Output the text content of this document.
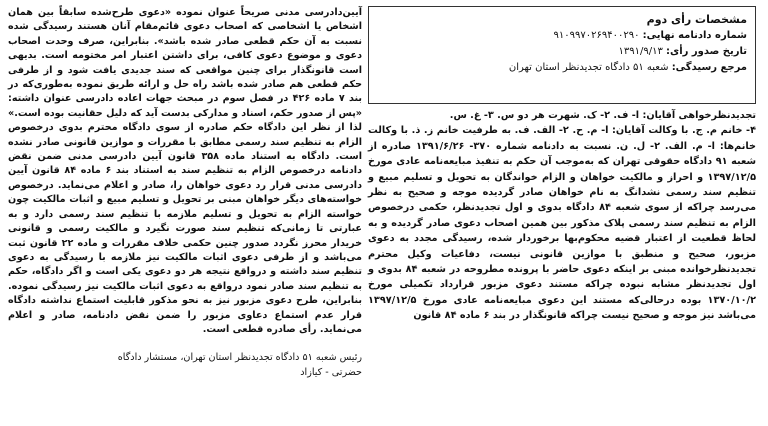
آیین‌دادرسی مدنی صریحاً عنوان نموده «دعوی طرح‌شده سابقاً بین همان اشخاص یا اشخاصی که اصحاب دعوی قائم‌مقام آنان هستند رسیدگی شده نسبت به آن حکم قطعی صادر شده باشد». بنابراین، صرف وحدت اصحاب دعوی و موضوع دعوی کافی، برای داشتن اعتبار امر مختومه است. بدیهی است قانونگذار برای چنین مواقعی که سند جدیدی یافت شود و از طرفی حکم قطعی هم صادر شده باشد راه حل و ارائه طریق نموده به‌طوری‌که در بند ۷ ماده ۴۲۶ در فصل سوم در مبحث جهات اعاده دادرسی عنوان داشته: «پس از صدور حکم، اسناد و مدارکی بدست آید که دلیل حقانیت بوده است.» لذا از نظر این دادگاه حکم صادره از سوی دادگاه محترم بدوی درخصوص الزام به تنظیم سند رسمی مطابق با مقررات و موازین قانونی صادر نشده است. دادگاه به استناد ماده ۳۵۸ قانون آیین دادرسی مدنی ضمن نقض دادنامه درخصوص الزام به تنظیم سند به استناد بند ۶ ماده ۸۴ قانون آیین دادرسی مدنی قرار رد دعوی خواهان را، صادر و اعلام می‌نماید. درخصوص خواسته‌های دیگر خواهان مبنی بر تحویل و تسلیم مبیع و اثبات مالکیت چون خواسته الزام به تحویل و تسلیم ملازمه با تنظیم سند رسمی دارد و به عبارتی تا زمانی‌که تنظیم سند صورت نگیرد و مالکیت رسمی و قانونی خریدار محرز نگردد صدور چنین حکمی خلاف مقررات و ماده ۲۲ قانون ثبت می‌باشد و از طرفی دعوی اثبات مالکیت نیز ملازمه با رسیدگی به دعوی تنظیم سند داشته و درواقع نتیجه هر دو دعوی یکی است و اگر دادگاه، حکم به تنظیم سند صادر نمود درواقع به دعوی اثبات مالکیت نیز رسیدگی نموده. بنابراین، طرح دعوی مزبور نیز به نحو مذکور قابلیت استماع نداشته دادگاه قرار عدم استماع دعاوی مزبور را ضمن نقض دادنامه، صادر و اعلام می‌نماید. رأی صادره قطعی است.

رئیس شعبه ۵۱ دادگاه تجدیدنظر استان تهران، مستشار دادگاه
حضرتی - کیازاد
مشخصات رأی دوم
شماره دادنامه نهایی: ۹۱۰۹۹۷۰۲۶۹۴۰۰۲۹۰
تاریخ صدور رأی: ۱۳۹۱/۹/۱۳
مرجع رسیدگی: شعبه ۵۱ دادگاه تجدیدنظر استان تهران

تجدیدنظرخواهی آقایان: ا- ف. ۲- ک. شهرت هر دو س. ۳- غ. س.

۴- خانم م. ج. با وکالت آقایان: ا- م. ح. ۲- الف. ف. به طرفیت خانم ز. ذ. با وکالت خانم‌ها: ا- م. الف. ۲- ل. ن. نسبت به دادنامه شماره ۳۷۰- ۱۳۹۱/۶/۲۶ صادره از شعبه ۹۱ دادگاه حقوقی تهران که به‌موجب آن حکم به تنفیذ مبایعه‌نامه عادی مورخ ۱۳۹۷/۱۲/۵ و احراز و مالکیت خواهان و الزام خواندگان به تحویل و تسلیم مبیع و تنظیم سند رسمی نشدانگ به نام خواهان صادر گردیده موجه و صحیح به نظر می‌رسد چراکه از سوی شعبه ۸۴ دادگاه بدوی و اول تجدیدنظر، حکمی درخصوص الزام به تنظیم سند رسمی پلاک مذکور بین همین اصحاب دعوی صادر گردیده و به لحاظ قطعیت از اعتبار قضیه محکوم‌بها برخوردار شده، رسیدگی مجدد به دعوی مزبور، صحیح و منطبق با موازین قانونی نیست، دفاعیات وکیل محترم تجدیدنظرخوانده مبنی بر اینکه دعوی حاضر با پرونده مطروحه در شعبه ۸۴ بدوی و اول تجدیدنظر مشابه نبوده چراکه مستند دعوی مزبور قرارداد تکمیلی مورخ ۱۳۷۰/۱۰/۲ بوده درحالی‌که مستند این دعوی مبایعه‌نامه عادی مورخ ۱۳۹۷/۱۲/۵ می‌باشد نیز موجه و صحیح نیست چراکه قانونگذار در بند ۶ ماده ۸۴ قانون
